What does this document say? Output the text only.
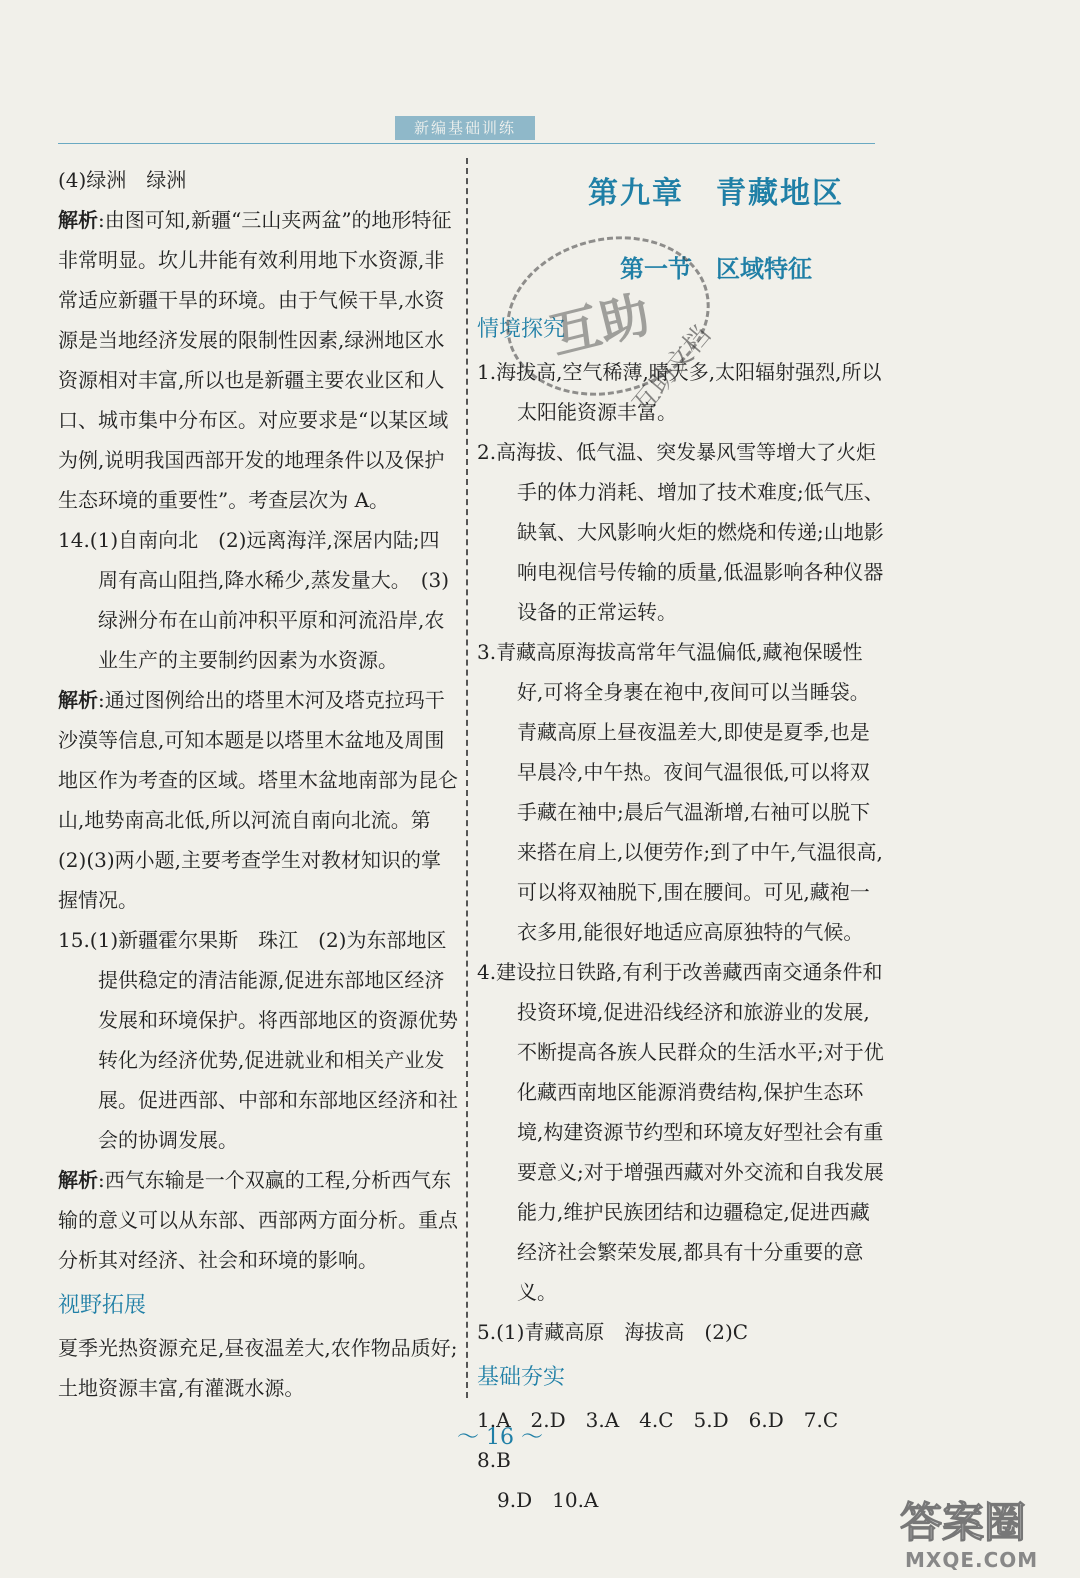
新编基础训练

(4)绿洲　绿洲

解析:由图可知,新疆“三山夹两盆”的地形特征非常明显。坎儿井能有效利用地下水资源,非常适应新疆干旱的环境。由于气候干旱,水资源是当地经济发展的限制性因素,绿洲地区水资源相对丰富,所以也是新疆主要农业区和人口、城市集中分布区。对应要求是“以某区域为例,说明我国西部开发的地理条件以及保护生态环境的重要性”。考查层次为 A。

14.(1)自南向北　(2)远离海洋,深居内陆;四周有高山阻挡,降水稀少,蒸发量大。　(3)绿洲分布在山前冲积平原和河流沿岸,农业生产的主要制约因素为水资源。

解析:通过图例给出的塔里木河及塔克拉玛干沙漠等信息,可知本题是以塔里木盆地及周围地区作为考查的区域。塔里木盆地南部为昆仑山,地势南高北低,所以河流自南向北流。第(2)(3)两小题,主要考查学生对教材知识的掌握情况。

15.(1)新疆霍尔果斯　珠江　(2)为东部地区提供稳定的清洁能源,促进东部地区经济发展和环境保护。将西部地区的资源优势转化为经济优势,促进就业和相关产业发展。促进西部、中部和东部地区经济和社会的协调发展。

解析:西气东输是一个双赢的工程,分析西气东输的意义可以从东部、西部两方面分析。重点分析其对经济、社会和环境的影响。

视野拓展

夏季光热资源充足,昼夜温差大,农作物品质好;土地资源丰富,有灌溉水源。

第九章　青藏地区
第一节　区域特征
情境探究

1.海拔高,空气稀薄,晴天多,太阳辐射强烈,所以太阳能资源丰富。

2.高海拔、低气温、突发暴风雪等增大了火炬手的体力消耗、增加了技术难度;低气压、缺氧、大风影响火炬的燃烧和传递;山地影响电视信号传输的质量,低温影响各种仪器设备的正常运转。

3.青藏高原海拔高常年气温偏低,藏袍保暖性好,可将全身裹在袍中,夜间可以当睡袋。青藏高原上昼夜温差大,即使是夏季,也是早晨冷,中午热。夜间气温很低,可以将双手藏在袖中;晨后气温渐增,右袖可以脱下来搭在肩上,以便劳作;到了中午,气温很高,可以将双袖脱下,围在腰间。可见,藏袍一衣多用,能很好地适应高原独特的气候。

4.建设拉日铁路,有利于改善藏西南交通条件和投资环境,促进沿线经济和旅游业的发展,不断提高各族人民群众的生活水平;对于优化藏西南地区能源消费结构,保护生态环境,构建资源节约型和环境友好型社会有重要意义;对于增强西藏对外交流和自我发展能力,维护民族团结和边疆稳定,促进西藏经济社会繁荣发展,都具有十分重要的意义。

5.(1)青藏高原　海拔高　(2)C

基础夯实

1.A　2.D　3.A　4.C　5.D　6.D　7.C　8.B

9.D　10.A

互助
互助文档
～ 16 ～
答案圈
MXQE.COM
